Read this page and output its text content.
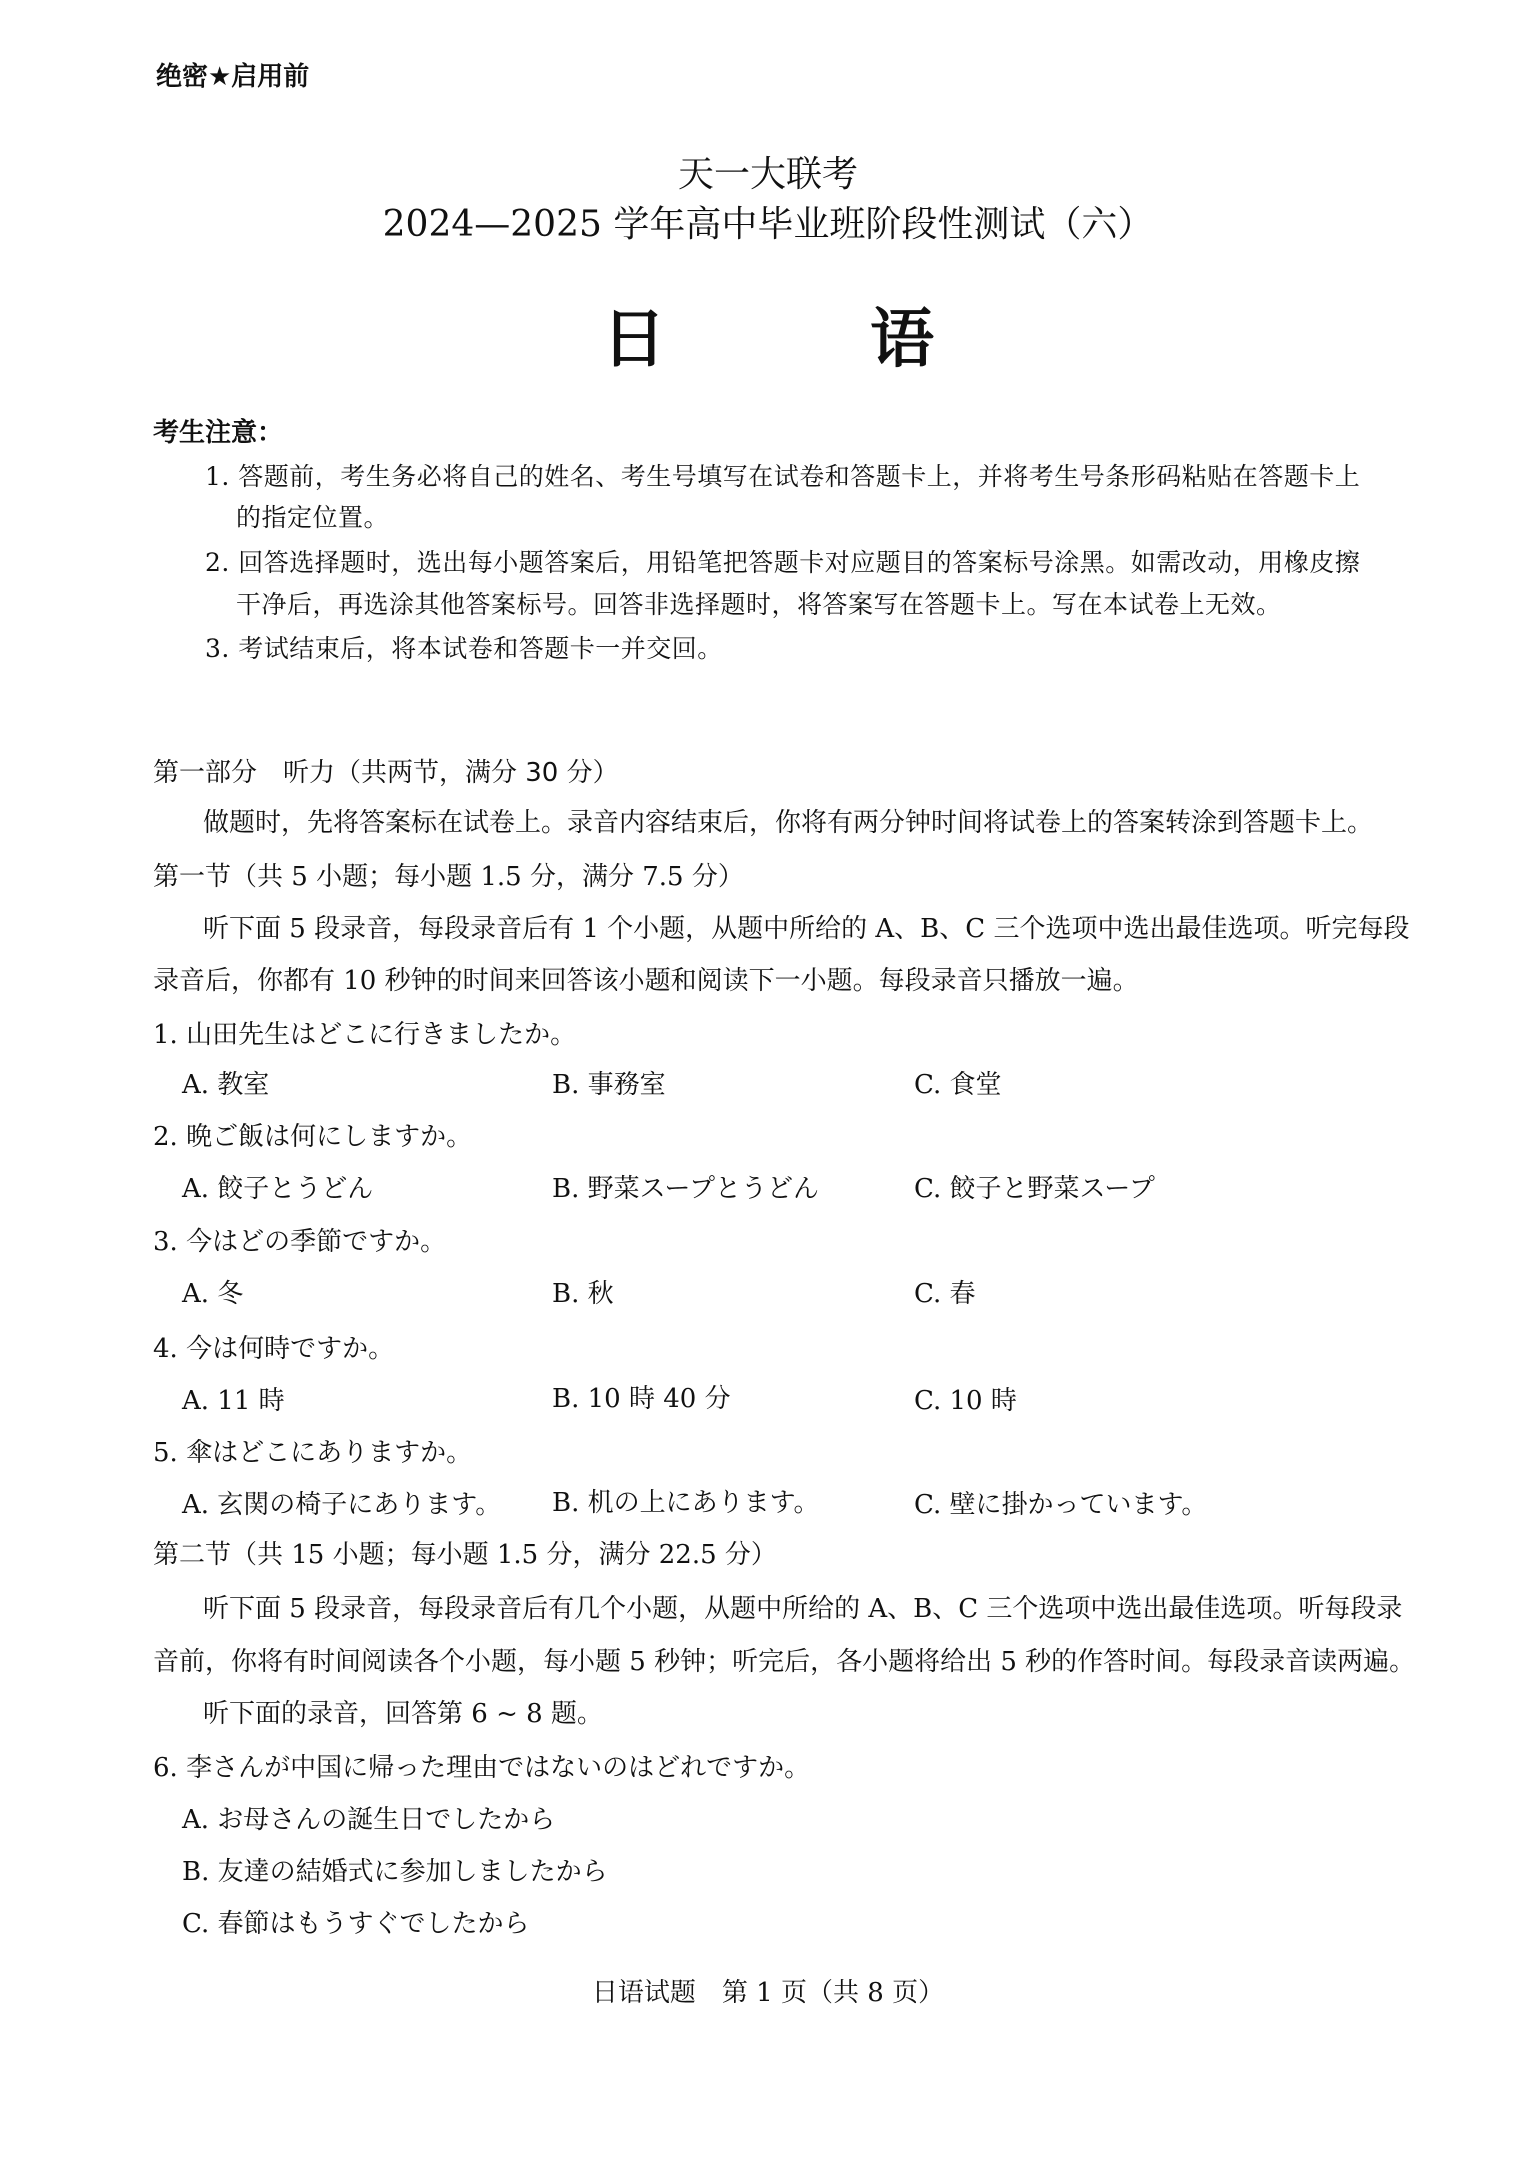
绝密★启用前
天一大联考
2024—2025 学年高中毕业班阶段性测试（六）
日　语
考生注意：
1. 答题前，考生务必将自己的姓名、考生号填写在试卷和答题卡上，并将考生号条形码粘贴在答题卡上
的指定位置。
2. 回答选择题时，选出每小题答案后，用铅笔把答题卡对应题目的答案标号涂黑。如需改动，用橡皮擦
干净后，再选涂其他答案标号。回答非选择题时，将答案写在答题卡上。写在本试卷上无效。
3. 考试结束后，将本试卷和答题卡一并交回。
第一部分　听力（共两节，满分 30 分）
做题时，先将答案标在试卷上。录音内容结束后，你将有两分钟时间将试卷上的答案转涂到答题卡上。
第一节（共 5 小题；每小题 1.5 分，满分 7.5 分）
听下面 5 段录音，每段录音后有 1 个小题，从题中所给的 A、B、C 三个选项中选出最佳选项。听完每段
录音后，你都有 10 秒钟的时间来回答该小题和阅读下一小题。每段录音只播放一遍。
1. 山田先生はどこに行きましたか。
A. 教室	B. 事務室	C. 食堂
2. 晩ご飯は何にしますか。
A. 餃子とうどん	B. 野菜スープとうどん	C. 餃子と野菜スープ
3. 今はどの季節ですか。
A. 冬	B. 秋	C. 春
4. 今は何時ですか。
A. 11 時	B. 10 時 40 分	C. 10 時
5. 傘はどこにありますか。
A. 玄関の椅子にあります。 B. 机の上にあります。	C. 壁に掛かっています。
第二节（共 15 小题；每小题 1.5 分，满分 22.5 分）
听下面 5 段录音，每段录音后有几个小题，从题中所给的 A、B、C 三个选项中选出最佳选项。听每段录
音前，你将有时间阅读各个小题，每小题 5 秒钟；听完后，各小题将给出 5 秒的作答时间。每段录音读两遍。
听下面的录音，回答第 6 ~ 8 题。
6. 李さんが中国に帰った理由ではないのはどれですか。
A. お母さんの誕生日でしたから
B. 友達の結婚式に参加しましたから
C. 春節はもうすぐでしたから
日语试题　第 1 页（共 8 页）
